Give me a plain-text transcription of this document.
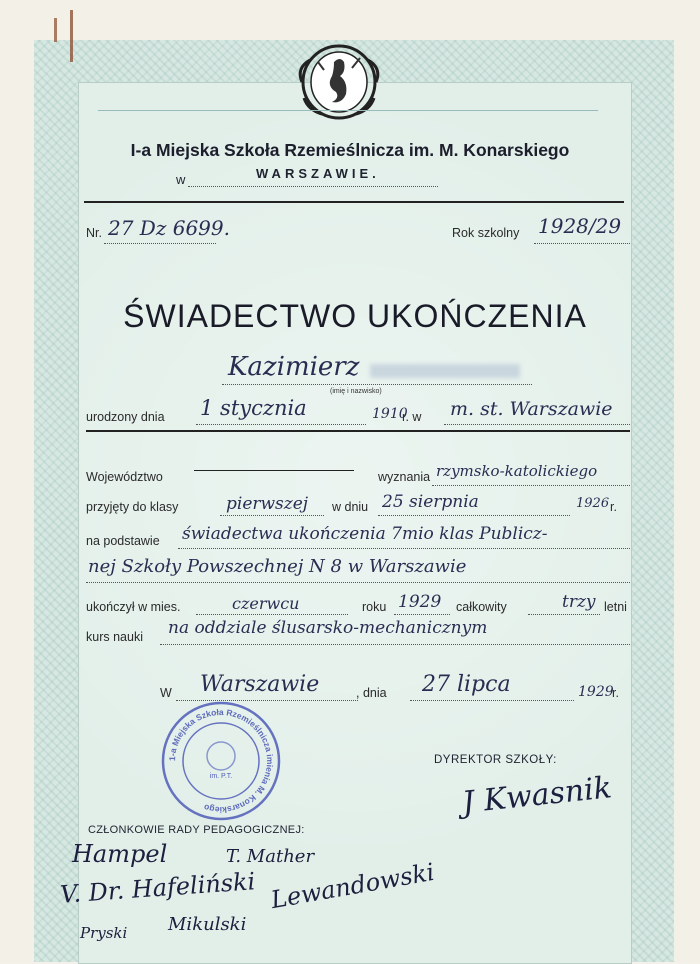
I-a Miejska Szkoła Rzemieślnicza im. M. Konarskiego
w	WARSZAWIE.
Nr. 27 Dz 6699.	Rok szkolny 1928/29
ŚWIADECTWO UKOŃCZENIA
Kazimierz
(imię i nazwisko)
urodzony dnia 1 stycznia	1910
r. w m. st. Warszawie
Województwo	wyznania rzymsko-katolickiego
przyjęty do klasy	pierwszej w dniu 25 sierpnia	1926 r.
na podstawie świadectwa ukończenia 7mio klas Publicz-
nej Szkoły Powszechnej N 8 w Warszawie
ukończył w mies.	czerwcu	roku 1929 całkowity	trzy letni
kurs nauki na oddziale ślusarsko-mechanicznym
W Warszawie	, dnia 27 lipca	1929
r.
1-a Miejska Szkoła Rzemieślnicza imienia M. Konarskiego
im. P.T.
DYREKTOR SZKOŁY:
J Kwasnik
CZŁONKOWIE RADY PEDAGOGICZNEJ:
Hampel	T. Mather
V. Dr. Hafeliński Lewandowski
Pryski Mikulski
